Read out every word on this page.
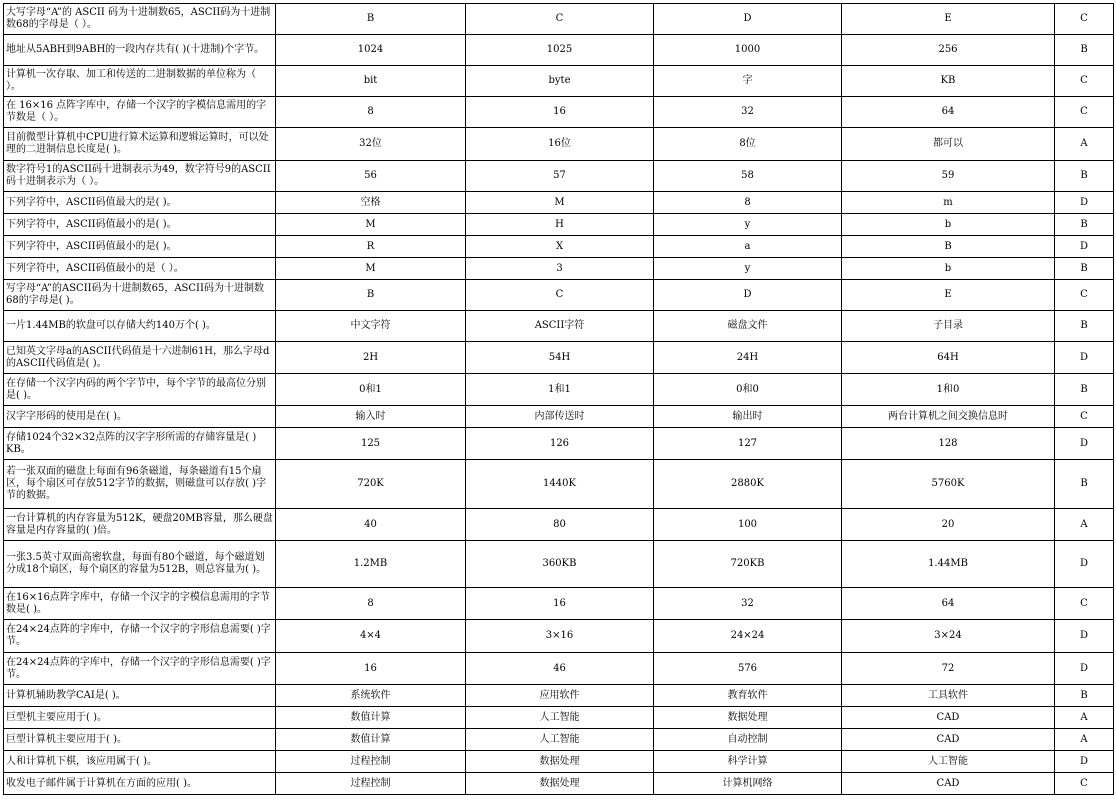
大写字母“A”的 ASCII 码为十进制数65，ASCII码为十进制数68的字母是（ ）。	B	C	D	E	C
地址从5ABH到9ABH的一段内存共有( )(十进制)个字节。	1024	1025	1000	256	B
计算机一次存取、加工和传送的二进制数据的单位称为（ ）。	bit	byte	字	KB	C
在 16×16 点阵字库中，存储一个汉字的字模信息需用的字节数是（ ）。	8	16	32	64	C
目前微型计算机中CPU进行算术运算和逻辑运算时，可以处理的二进制信息长度是( )。	32位	16位	8位	都可以	A
数字符号1的ASCII码十进制表示为49，数字符号9的ASCII码十进制表示为（ ）。	56	57	58	59	B
下列字符中，ASCII码值最大的是( )。	空格	M	8	m	D
下列字符中，ASCII码值最小的是( )。	M	H	y	b	B
下列字符中，ASCII码值最小的是( )。	R	X	a	B	D
下列字符中，ASCII码值最小的是（ ）。	M	3	y	b	B
写字母“A”的ASCII码为十进制数65，ASCII码为十进制数68的字母是( )。	B	C	D	E	C
一片1.44MB的软盘可以存储大约140万个( )。	中文字符	ASCII字符	磁盘文件	子目录	B
已知英文字母a的ASCII代码值是十六进制61H，那么字母d的ASCII代码值是( )。	2H	54H	24H	64H	D
在存储一个汉字内码的两个字节中，每个字节的最高位分别是( )。	0和1	1和1	0和0	1和0	B
汉字字形码的使用是在( )。	输入时	内部传送时	输出时	两台计算机之间交换信息时	C
存储1024个32×32点阵的汉字字形所需的存储容量是( ) KB。	125	126	127	128	D
若一张双面的磁盘上每面有96条磁道，每条磁道有15个扇区，每个扇区可存放512字节的数据，则磁盘可以存放( )字节的数据。	720K	1440K	2880K	5760K	B
一台计算机的内存容量为512K，硬盘20MB容量，那么硬盘容量是内存容量的( )倍。	40	80	100	20	A
一张3.5英寸双面高密软盘，每面有80个磁道，每个磁道划分成18个扇区，每个扇区的容量为512B，则总容量为( )。	1.2MB	360KB	720KB	1.44MB	D
在16×16点阵字库中，存储一个汉字的字模信息需用的字节数是( )。	8	16	32	64	C
在24×24点阵的字库中，存储一个汉字的字形信息需要( )字节。	4×4	3×16	24×24	3×24	D
在24×24点阵的字库中，存储一个汉字的字形信息需要( )字节。	16	46	576	72	D
计算机辅助教学CAI是( )。	系统软件	应用软件	教育软件	工具软件	B
巨型机主要应用于( )。	数值计算	人工智能	数据处理	CAD	A
巨型计算机主要应用于( )。	数值计算	人工智能	自动控制	CAD	A
人和计算机下棋，该应用属于( )。	过程控制	数据处理	科学计算	人工智能	D
收发电子邮件属于计算机在方面的应用( )。	过程控制	数据处理	计算机网络	CAD	C
